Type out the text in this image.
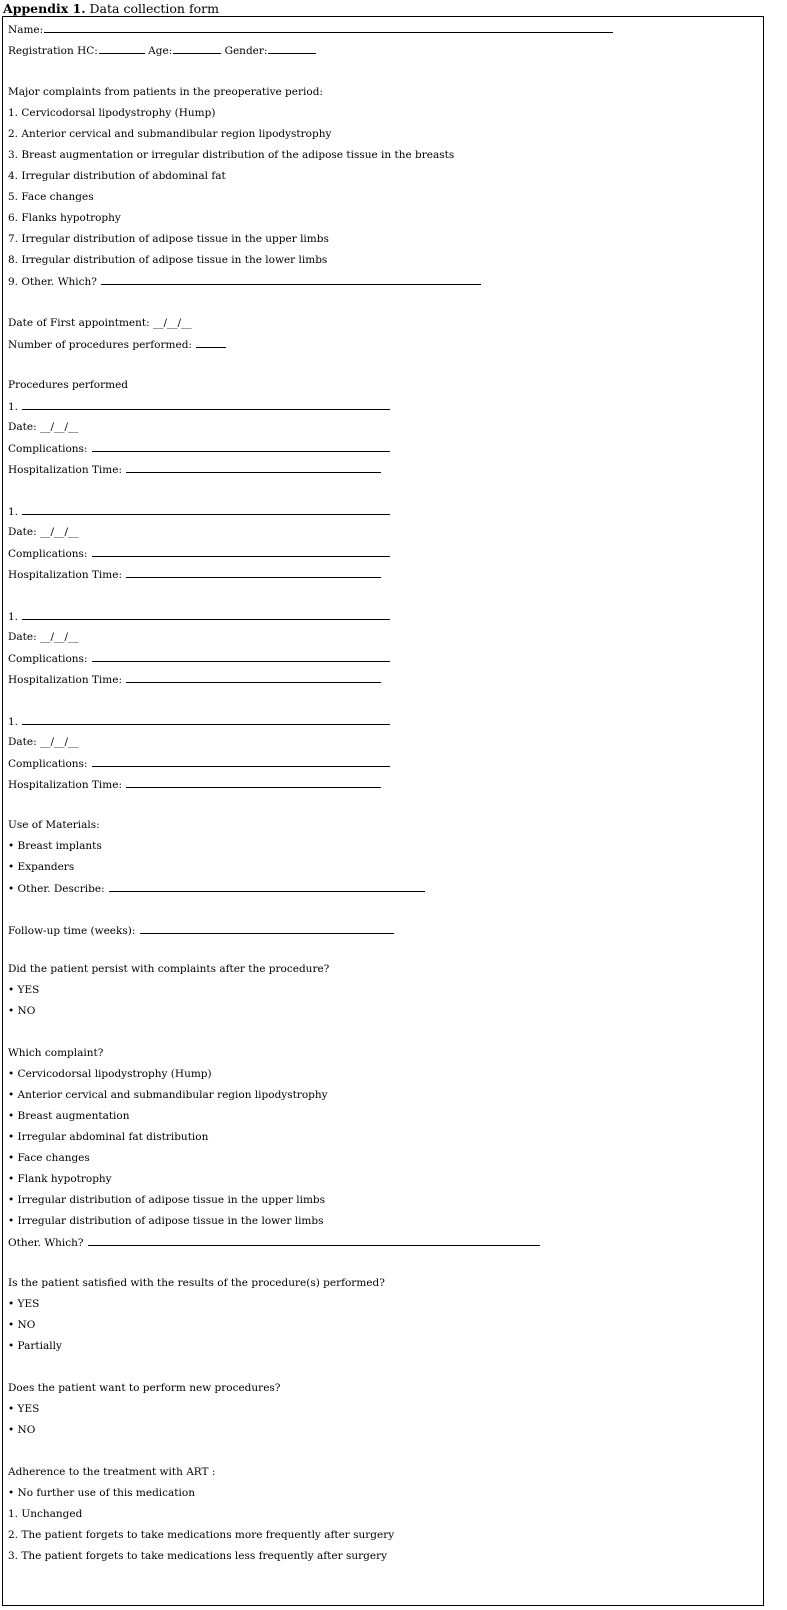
Appendix 1. Data collection form
Name:
Registration HC:	Age:	Gender:
Major complaints from patients in the preoperative period:
1. Cervicodorsal lipodystrophy (Hump)
2. Anterior cervical and submandibular region lipodystrophy
3. Breast augmentation or irregular distribution of the adipose tissue in the breasts
4. Irregular distribution of abdominal fat
5. Face changes
6. Flanks hypotrophy
7. Irregular distribution of adipose tissue in the upper limbs
8. Irregular distribution of adipose tissue in the lower limbs
9. Other. Which?
Date of First appointment: __/__/__
Number of procedures performed:
Procedures performed
1.
Date: __/__/__
Complications:
Hospitalization Time:
1.
Date: __/__/__
Complications:
Hospitalization Time:
1.
Date: __/__/__
Complications:
Hospitalization Time:
1.
Date: __/__/__
Complications:
Hospitalization Time:
Use of Materials:
• Breast implants
• Expanders
• Other. Describe:
Follow-up time (weeks):
Did the patient persist with complaints after the procedure?
• YES
• NO
Which complaint?
• Cervicodorsal lipodystrophy (Hump)
• Anterior cervical and submandibular region lipodystrophy
• Breast augmentation
• Irregular abdominal fat distribution
• Face changes
• Flank hypotrophy
• Irregular distribution of adipose tissue in the upper limbs
• Irregular distribution of adipose tissue in the lower limbs
Other. Which?
Is the patient satisfied with the results of the procedure(s) performed?
• YES
• NO
• Partially
Does the patient want to perform new procedures?
• YES
• NO
Adherence to the treatment with ART :
• No further use of this medication
1. Unchanged
2. The patient forgets to take medications more frequently after surgery
3. The patient forgets to take medications less frequently after surgery
